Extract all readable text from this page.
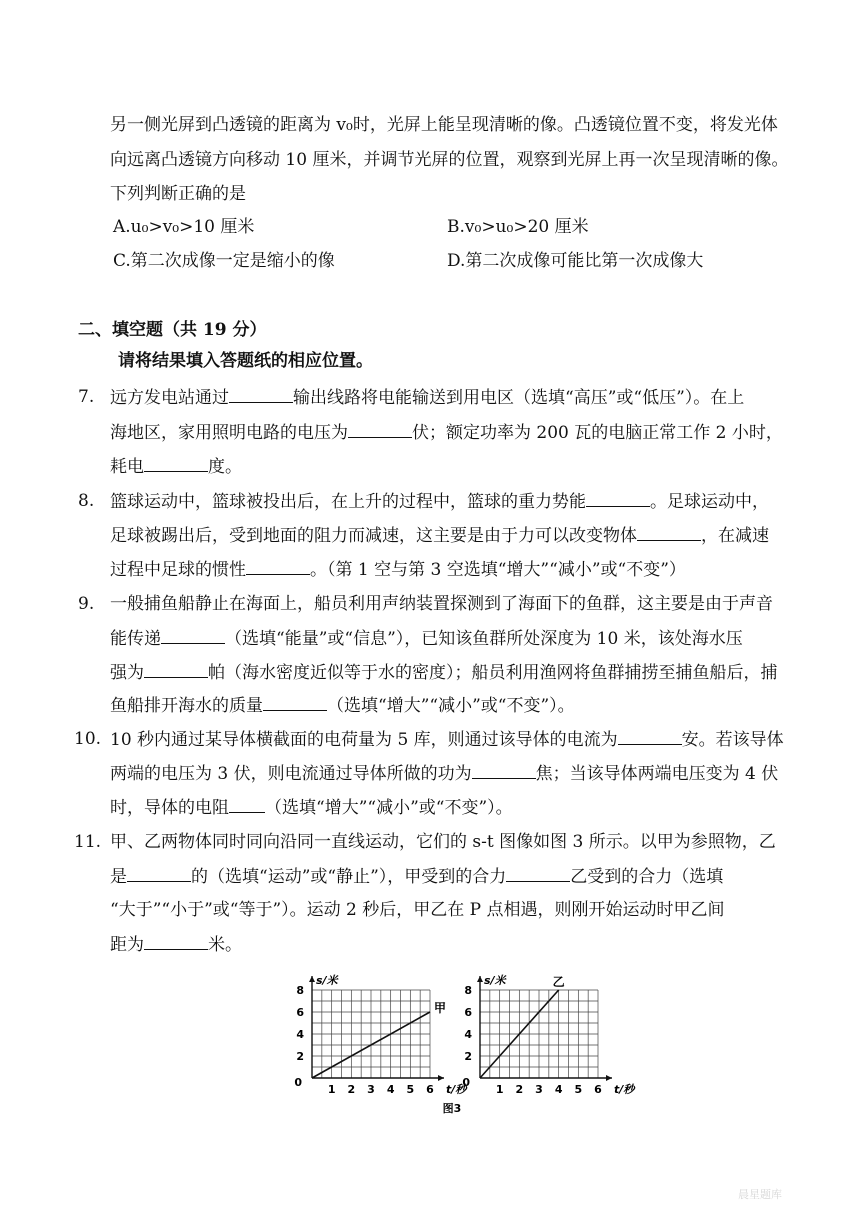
另一侧光屏到凸透镜的距离为 v₀时，光屏上能呈现清晰的像。凸透镜位置不变，将发光体
向远离凸透镜方向移动 10 厘米，并调节光屏的位置，观察到光屏上再一次呈现清晰的像。
下列判断正确的是
A.u₀>v₀>10 厘米	B.v₀>u₀>20 厘米
C.第二次成像一定是缩小的像	D.第二次成像可能比第一次成像大
二、填空题（共 19 分）
请将结果填入答题纸的相应位置。
7. 远方发电站通过	输出线路将电能输送到用电区（选填“高压”或“低压”）。在上
海地区，家用照明电路的电压为	伏；额定功率为 200 瓦的电脑正常工作 2 小时，
耗电	度。
8. 篮球运动中，篮球被投出后，在上升的过程中，篮球的重力势能	。足球运动中，
足球被踢出后，受到地面的阻力而减速，这主要是由于力可以改变物体	，在减速
过程中足球的惯性	。（第 1 空与第 3 空选填“增大”“减小”或“不变”）
9. 一般捕鱼船静止在海面上，船员利用声纳装置探测到了海面下的鱼群，这主要是由于声音
能传递	（选填“能量”或“信息”），已知该鱼群所处深度为 10 米，该处海水压
强为	帕（海水密度近似等于水的密度）；船员利用渔网将鱼群捕捞至捕鱼船后，捕
鱼船排开海水的质量	（选填“增大”“减小”或“不变”）。
10. 10 秒内通过某导体横截面的电荷量为 5 库，则通过该导体的电流为	安。若该导体
两端的电压为 3 伏，则电流通过导体所做的功为	焦；当该导体两端电压变为 4 伏
时，导体的电阻 （选填“增大”“减小”或“不变”）。
11. 甲、乙两物体同时同向沿同一直线运动，它们的 s-t 图像如图 3 所示。以甲为参照物，乙
是	的（选填“运动”或“静止”），甲受到的合力	乙受到的合力（选填
“大于”“小于”或“等于”）。运动 2 秒后，甲乙在 P 点相遇，则刚开始运动时甲乙间
距为	米。
1 2 3 4 5 6
2
4
6
8
0
s/米
t/秒
甲
1 2 3 4 5 6
2
4
6
8
0
s/米
t/秒
乙
图3
晨星题库
